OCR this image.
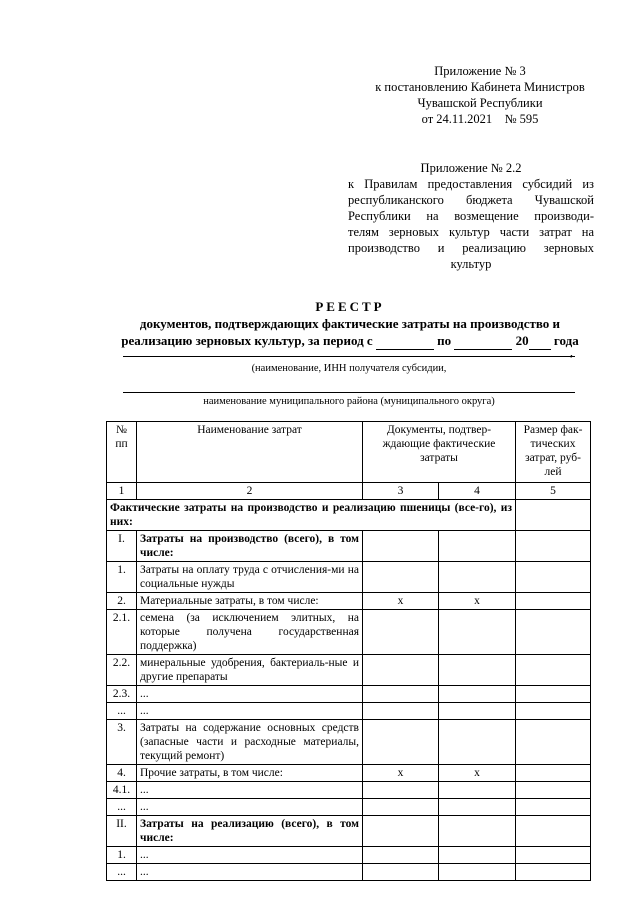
Приложение № 3
к постановлению Кабинета Министров
Чувашской Республики
от 24.11.2021    № 595
Приложение № 2.2
к Правилам предоставления субсидий из
республиканского бюджета Чувашской
Республики на возмещение производи-
телям зерновых культур части затрат на
производство и реализацию зерновых
культур
РЕЕСТР
документов, подтверждающих фактические затраты на производство и
реализацию зерновых культур, за период с	по	20 года
,
(наименование, ИНН получателя субсидии,
наименование муниципального района (муниципального округа)
№ пп	Наименование затрат	Документы, подтвер-ждающие фактические затраты		Размер фак-тических затрат, руб-лей
1	2	3	4	5
Фактические затраты на производство и реализацию пшеницы (все-го), из них:				
I.	Затраты на производство (всего), в том числе:			
1.	Затраты на оплату труда с отчисления-ми на социальные нужды			
2.	Материальные затраты, в том числе:	х	х	
2.1.	семена (за исключением элитных, на которые получена государственная поддержка)			
2.2.	минеральные удобрения, бактериаль-ные и другие препараты			
2.3.	...			
...	...			
3.	Затраты на содержание основных средств (запасные части и расходные материалы, текущий ремонт)			
4.	Прочие затраты, в том числе:	х	х	
4.1.	...			
...	...			
II.	Затраты на реализацию (всего), в том числе:			
1.	...			
...	...			
